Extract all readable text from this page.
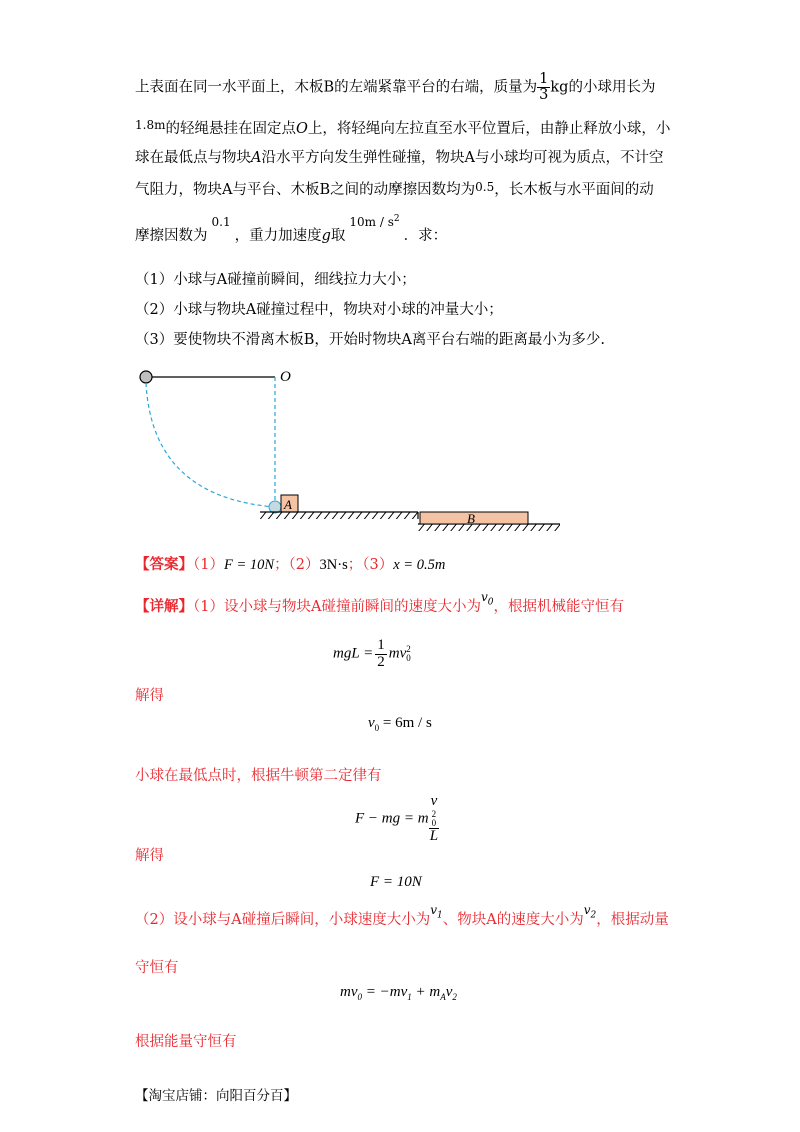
上表面在同一水平面上，木板B的左端紧靠平台的右端，质量为 $\frac{1}{3}$ kg的小球用长为
$^{1.8m}$的轻绳悬挂在固定点O上，将轻绳向左拉直至水平位置后，由静止释放小球，小
球在最低点与物块A沿水平方向发生弹性碰撞，物块A与小球均可视为质点，不计空
气阻力，物块A与平台、木板B之间的动摩擦因数均为$^{0.5}$，长木板与水平面间的动
摩擦因数为$^{0.1}$，重力加速度g取$^{10m / s^2}$．求：
（1）小球与A碰撞前瞬间，细线拉力大小；
（2）小球与物块A碰撞过程中，物块对小球的冲量大小；
（3）要使物块不滑离木板B，开始时物块A离平台右端的距离最小为多少.
O
A
B
【答案】（1）F = 10N；（2）3N·s；（3）x = 0.5m
【详解】（1）设小球与物块A碰撞前瞬间的速度大小为$^{v_0}$，根据机械能守恒有
mgL = $\frac{1}{2}$ mv 2
0
解得
$v_0 = 6m / s$
小球在最低点时，根据牛顿第二定律有
F − mg = m v
2
0
L
解得
F = 10N
（2）设小球与A碰撞后瞬间，小球速度大小为$^{v_1}$、物块A的速度大小为$^{v_2}$，根据动量
守恒有
$mv_0 = -mv_1 + m_Av_2$
根据能量守恒有
【淘宝店铺：向阳百分百】
